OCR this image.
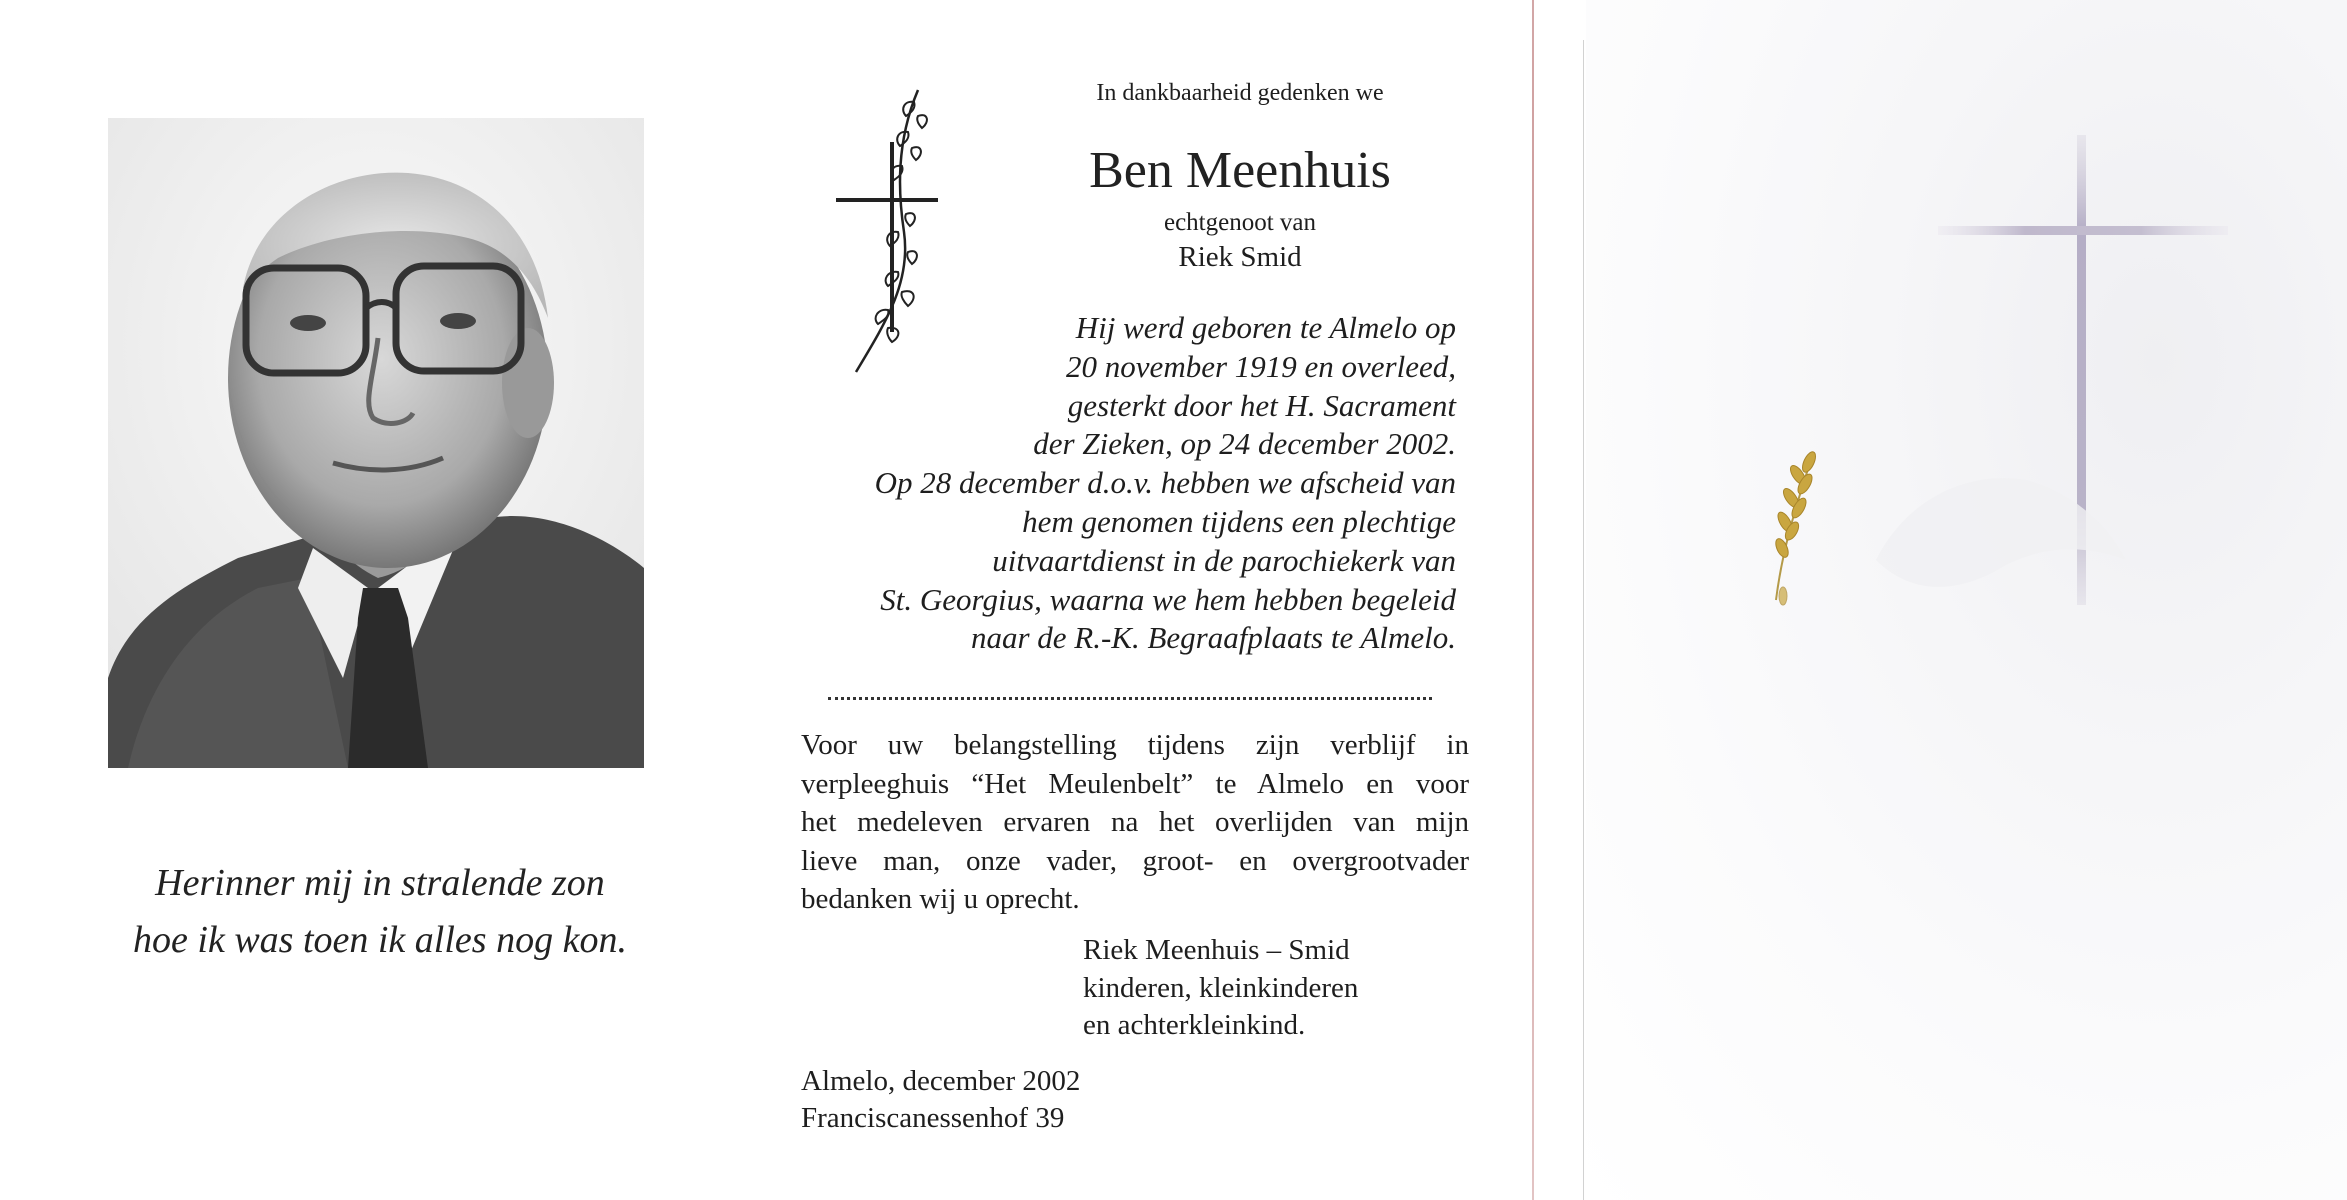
Herinner mij in stralende zon
hoe ik was toen ik alles nog kon.
In dankbaarheid gedenken we
Ben Meenhuis
echtgenoot van
Riek Smid
Hij werd geboren te Almelo op
20 november 1919 en overleed,
gesterkt door het H. Sacrament
der Zieken, op 24 december 2002.
Op 28 december d.o.v. hebben we afscheid van
hem genomen tijdens een plechtige
uitvaartdienst in de parochiekerk van
St. Georgius, waarna we hem hebben begeleid
naar de R.-K. Begraafplaats te Almelo.
Voor uw belangstelling tijdens zijn verblijf in
verpleeghuis “Het Meulenbelt” te Almelo en voor
het medeleven ervaren na het overlijden van mijn
lieve man, onze vader, groot- en overgrootvader
bedanken wij u oprecht.
Riek Meenhuis – Smid
kinderen, kleinkinderen
en achterkleinkind.
Almelo, december 2002
Franciscanessenhof 39
